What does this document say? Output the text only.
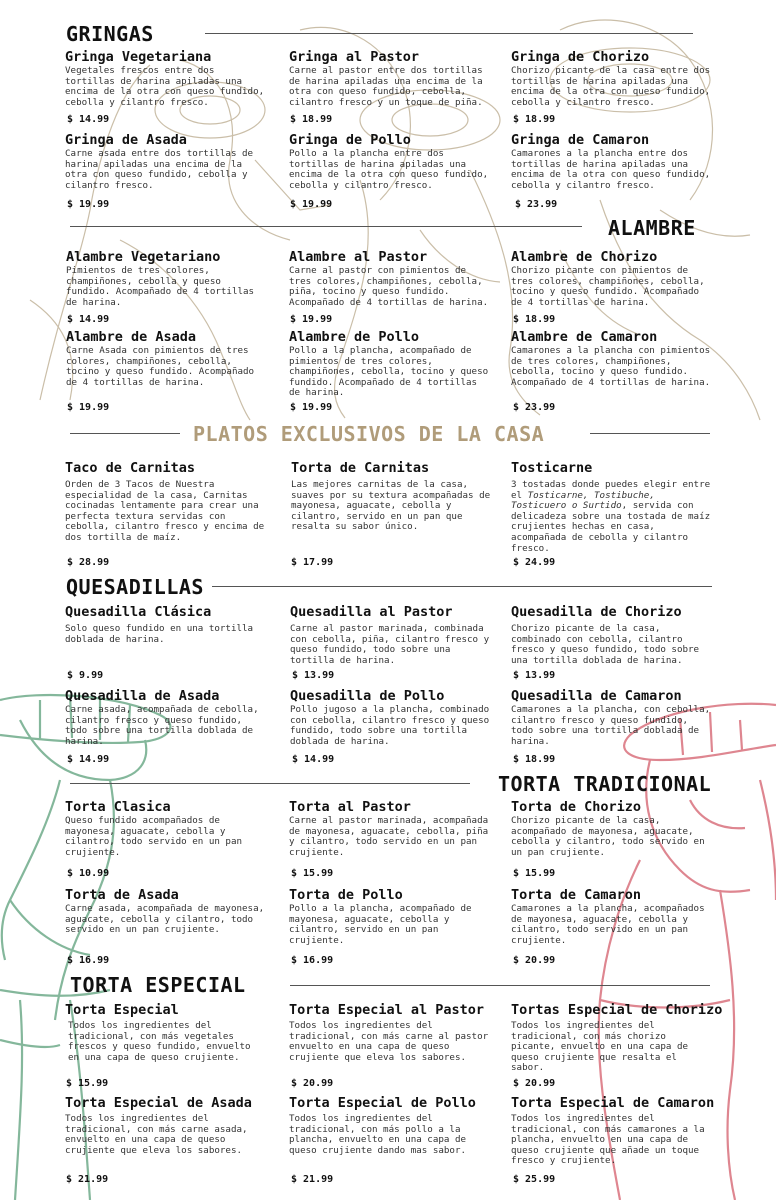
GRINGAS
ALAMBRE
PLATOS EXCLUSIVOS DE LA CASA
QUESADILLAS
TORTA TRADICIONAL
TORTA ESPECIAL
Gringa Vegetariana
Vegetales frescos entre dos tortillas de harina apiladas una encima de la otra con queso fundido, cebolla y cilantro fresco.
$ 14.99
Gringa al Pastor
Carne al pastor entre dos tortillas de harina apiladas una encima de la otra con queso fundido, cebolla, cilantro fresco y un toque de piña.
$ 18.99
Gringa de Chorizo
Chorizo picante de la casa entre dos tortillas de harina apiladas una encima de la otra con queso fundido, cebolla y cilantro fresco.
$ 18.99
Gringa de Asada
Carne asada entre dos tortillas de harina apiladas una encima de la otra con queso fundido, cebolla y cilantro fresco.
$ 19.99
Gringa de Pollo
Pollo a la plancha entre dos tortillas de harina apiladas una encima de la otra con queso fundido, cebolla y cilantro fresco.
$ 19.99
Gringa de Camaron
Camarones a la plancha entre dos tortillas de harina apiladas una encima de la otra con queso fundido, cebolla y cilantro fresco.
$ 23.99
Alambre Vegetariano
Pimientos de tres colores, champiñones, cebolla y queso fundido. Acompañado de 4 tortillas de harina.
$ 14.99
Alambre al Pastor
Carne al pastor con pimientos de tres colores, champiñones, cebolla, piña, tocino y queso fundido. Acompañado de 4 tortillas de harina.
$ 19.99
Alambre de Chorizo
Chorizo picante con pimientos de tres colores, champiñones, cebolla, tocino y queso fundido. Acompañado de 4 tortillas de harina.
$ 18.99
Alambre de Asada
Carne Asada con pimientos de tres colores, champiñones, cebolla, tocino y queso fundido. Acompañado de 4 tortillas de harina.
$ 19.99
Alambre de Pollo
Pollo a la plancha, acompañado de pimientos de tres colores, champiñones, cebolla, tocino y queso fundido. Acompañado de 4 tortillas de harina.
$ 19.99
Alambre de Camaron
Camarones a la plancha con pimientos de tres colores, champiñones, cebolla, tocino y queso fundido. Acompañado de 4 tortillas de harina.
$ 23.99
Taco de Carnitas
Orden de 3 Tacos de Nuestra especialidad de la casa, Carnitas cocinadas lentamente para crear una perfecta textura servidas con cebolla, cilantro fresco y encima de dos tortilla de maíz.
$ 28.99
Torta de Carnitas
Las mejores carnitas de la casa, suaves por su textura acompañadas de mayonesa, aguacate, cebolla y cilantro, servido en un pan que resalta su sabor único.
$ 17.99
Tosticarne
3 tostadas donde puedes elegir entre el Tosticarne, Tostibuche, Tosticuero o Surtido, servida con delicadeza sobre una tostada de maíz crujientes hechas en casa, acompañada de cebolla y cilantro fresco.
$ 24.99
Quesadilla Clásica
Solo queso fundido en una tortilla doblada de harina.
$ 9.99
Quesadilla al Pastor
Carne al pastor marinada, combinada con cebolla, piña, cilantro fresco y queso fundido, todo sobre una tortilla de harina.
$ 13.99
Quesadilla de Chorizo
Chorizo picante de la casa, combinado con cebolla, cilantro fresco y queso fundido, todo sobre una tortilla doblada de harina.
$ 13.99
Quesadilla de Asada
Carne asada, acompañada de cebolla, cilantro fresco y queso fundido, todo sobre una tortilla doblada de harina.
$ 14.99
Quesadilla de Pollo
Pollo jugoso a la plancha, combinado con cebolla, cilantro fresco y queso fundido, todo sobre una tortilla doblada de harina.
$ 14.99
Quesadilla de Camaron
Camarones a la plancha, con cebolla, cilantro fresco y queso fundido, todo sobre una tortilla doblada de harina.
$ 18.99
Torta Clasica
Queso fundido acompañados de mayonesa, aguacate, cebolla y cilantro, todo servido en un pan crujiente.
$ 10.99
Torta al Pastor
Carne al pastor marinada, acompañada de mayonesa, aguacate, cebolla, piña y cilantro, todo servido en un pan crujiente.
$ 15.99
Torta de Chorizo
Chorizo picante de la casa, acompañado de mayonesa, aguacate, cebolla y cilantro, todo servido en un pan crujiente.
$ 15.99
Torta de Asada
Carne asada, acompañada de mayonesa, aguacate, cebolla y cilantro, todo servido en un pan crujiente.
$ 16.99
Torta de Pollo
Pollo a la plancha, acompañado de mayonesa, aguacate, cebolla y cilantro, servido en un pan crujiente.
$ 16.99
Torta de Camaron
Camarones a la plancha, acompañados de mayonesa, aguacate, cebolla y cilantro, todo servido en un pan crujiente.
$ 20.99
Torta Especial
Todos los ingredientes del tradicional, con más vegetales frescos y queso fundido, envuelto en una capa de queso crujiente.
$ 15.99
Torta Especial al Pastor
Todos los ingredientes del tradicional, con más carne al pastor envuelto en una capa de queso crujiente que eleva los sabores.
$ 20.99
Tortas Especial de Chorizo
Todos los ingredientes del tradicional, con más chorizo picante, envuelto en una capa de queso crujiente que resalta el sabor.
$ 20.99
Torta Especial de Asada
Todos los ingredientes del tradicional, con más carne asada, envuelto en una capa de queso crujiente que eleva los sabores.
$ 21.99
Torta Especial de Pollo
Todos los ingredientes del tradicional, con más pollo a la plancha, envuelto en una capa de queso crujiente dando mas sabor.
$ 21.99
Torta Especial de Camaron
Todos los ingredientes del tradicional, con más camarones a la plancha, envuelto en una capa de queso crujiente que añade un toque fresco y crujiente.
$ 25.99
